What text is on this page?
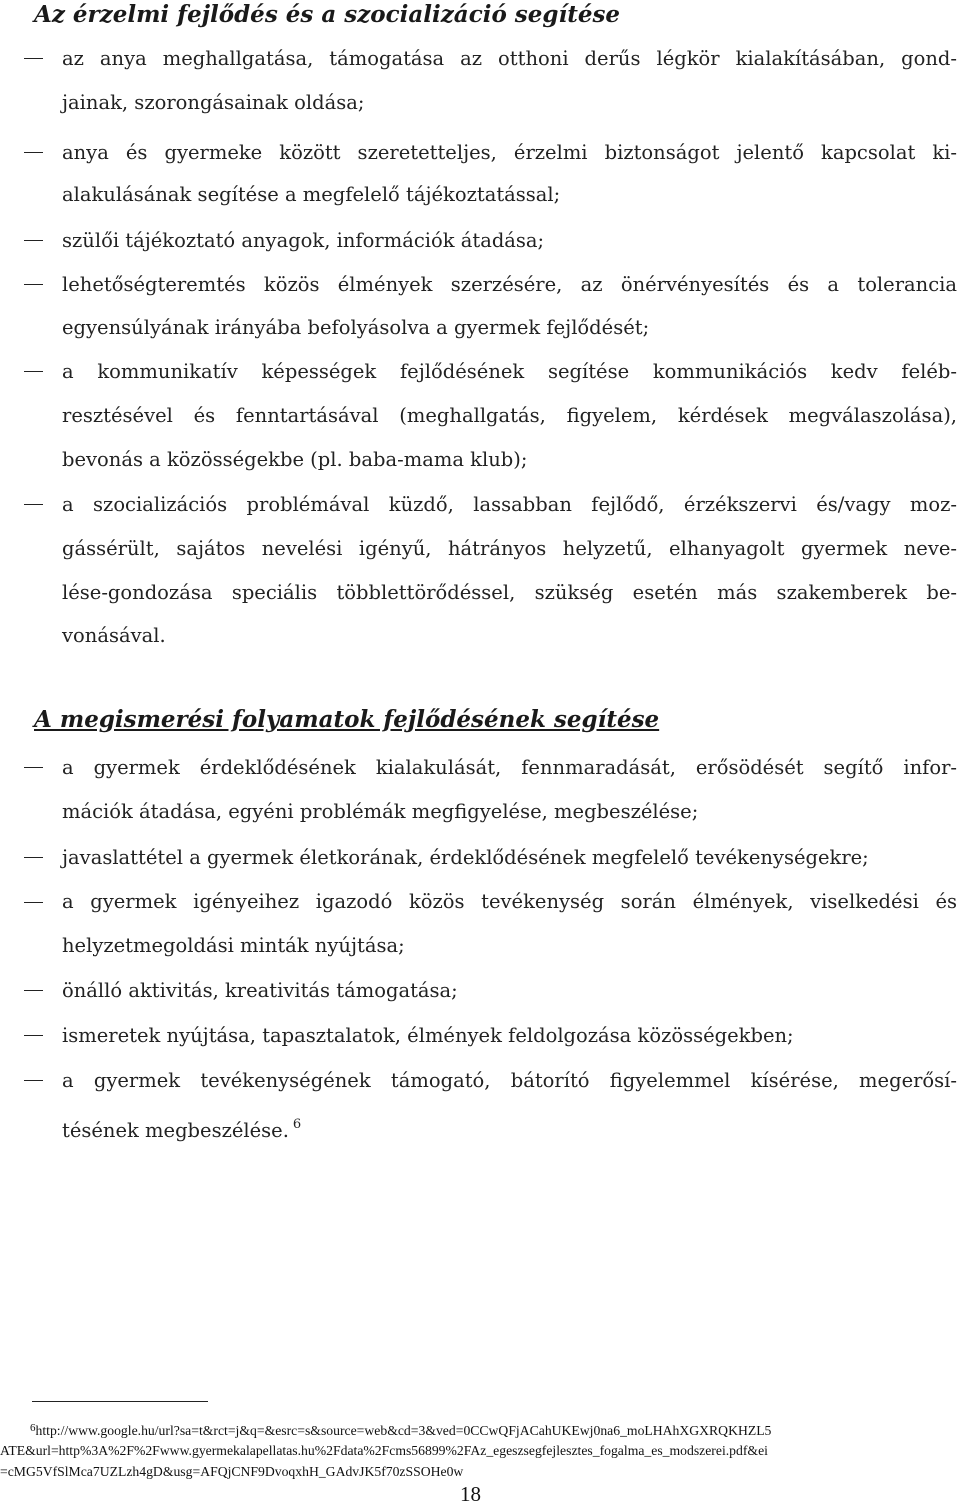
Az érzelmi fejlődés és a szocializáció segítése
az anya meghallgatása, támogatása az otthoni derűs légkör kialakításában, gond-
jainak, szorongásainak oldása;
anya és gyermeke között szeretetteljes, érzelmi biztonságot jelentő kapcsolat ki-
alakulásának segítése a megfelelő tájékoztatással;
szülői tájékoztató anyagok, információk átadása;
lehetőségteremtés közös élmények szerzésére, az önérvényesítés és a tolerancia
egyensúlyának irányába befolyásolva a gyermek fejlődését;
a kommunikatív képességek fejlődésének segítése kommunikációs kedv feléb-
resztésével és fenntartásával (meghallgatás, figyelem, kérdések megválaszolása),
bevonás a közösségekbe (pl. baba-mama klub);
a szocializációs problémával küzdő, lassabban fejlődő, érzékszervi és/vagy moz-
gássérült, sajátos nevelési igényű, hátrányos helyzetű, elhanyagolt gyermek neve-
lése-gondozása speciális többlettörődéssel, szükség esetén más szakemberek be-
vonásával.
A megismerési folyamatok fejlődésének segítése
a gyermek érdeklődésének kialakulását, fennmaradását, erősödését segítő infor-
mációk átadása, egyéni problémák megfigyelése, megbeszélése;
javaslattétel a gyermek életkorának, érdeklődésének megfelelő tevékenységekre;
a gyermek igényeihez igazodó közös tevékenység során élmények, viselkedési és
helyzetmegoldási minták nyújtása;
önálló aktivitás, kreativitás támogatása;
ismeretek nyújtása, tapasztalatok, élmények feldolgozása közösségekben;
a gyermek tevékenységének támogató, bátorító figyelemmel kísérése, megerősí-
tésének megbeszélése. $^6$
$^6$http://www.google.hu/url?sa=t&rct=j&q=&esrc=s&source=web&cd=3&ved=0CCwQFjACahUKEwj0na6_moLHAhXGXRQKHZL5
ATE&url=http%3A%2F%2Fwww.gyermekalapellatas.hu%2Fdata%2Fcms56899%2FAz_egeszsegfejlesztes_fogalma_es_modszerei.pdf&ei
=cMG5VfSlMca7UZLzh4gD&usg=AFQjCNF9DvoqxhH_GAdvJK5f70zSSOHe0w
18
